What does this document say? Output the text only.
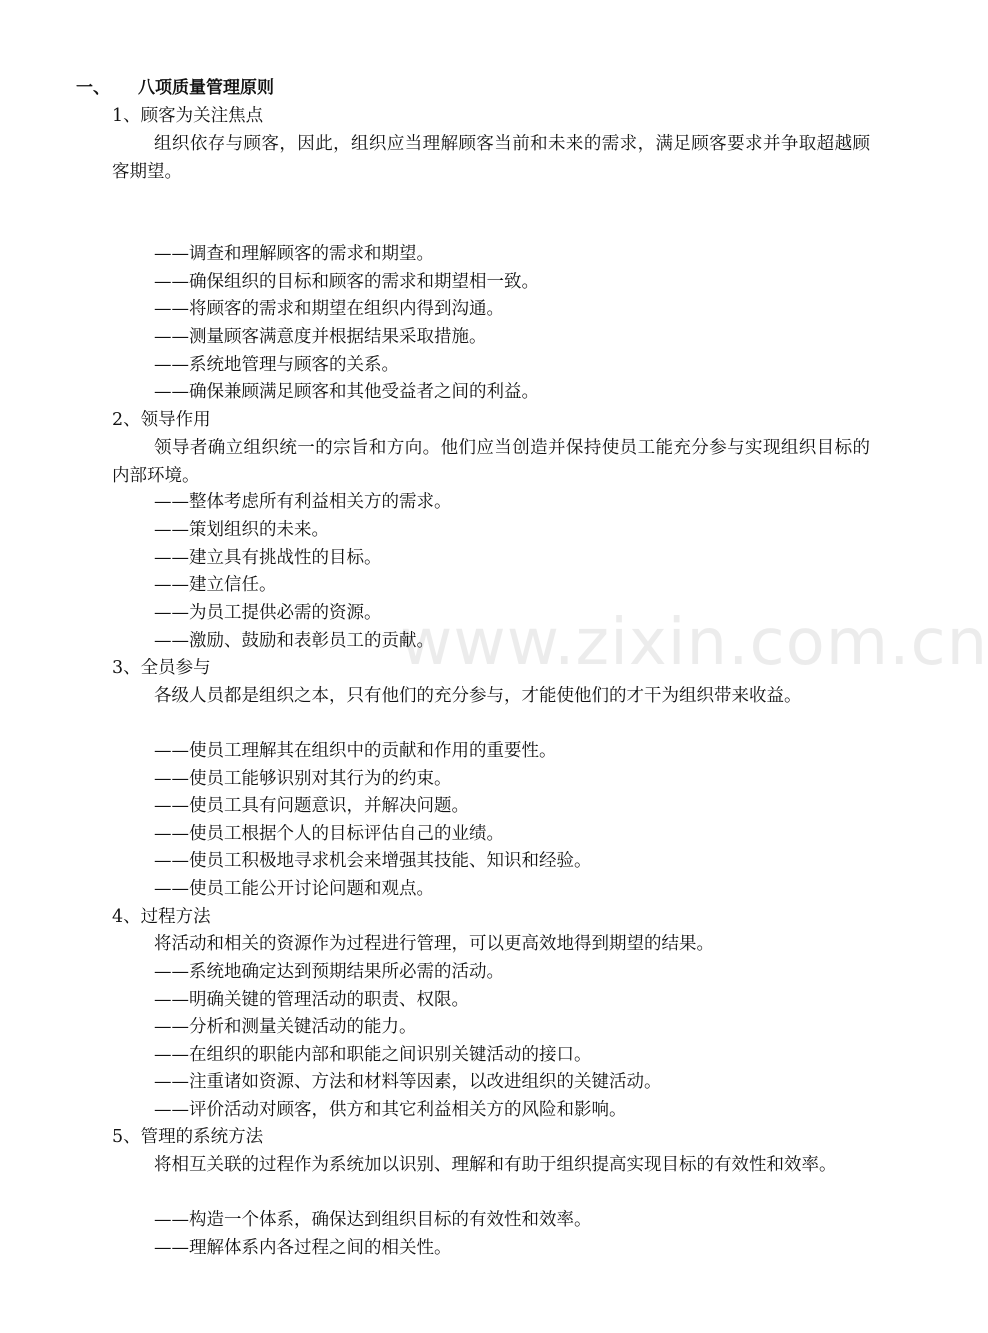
一、 八项质量管理原则
1、顾客为关注焦点
组织依存与顾客，因此，组织应当理解顾客当前和未来的需求，满足顾客要求并争取超越顾客期望。
——调查和理解顾客的需求和期望。
——确保组织的目标和顾客的需求和期望相一致。
——将顾客的需求和期望在组织内得到沟通。
——测量顾客满意度并根据结果采取措施。
——系统地管理与顾客的关系。
——确保兼顾满足顾客和其他受益者之间的利益。
2、领导作用
领导者确立组织统一的宗旨和方向。他们应当创造并保持使员工能充分参与实现组织目标的内部环境。
——整体考虑所有利益相关方的需求。
——策划组织的未来。
——建立具有挑战性的目标。
——建立信任。
——为员工提供必需的资源。
——激励、鼓励和表彰员工的贡献。
3、全员参与
各级人员都是组织之本，只有他们的充分参与，才能使他们的才干为组织带来收益。
——使员工理解其在组织中的贡献和作用的重要性。
——使员工能够识别对其行为的约束。
——使员工具有问题意识，并解决问题。
——使员工根据个人的目标评估自己的业绩。
——使员工积极地寻求机会来增强其技能、知识和经验。
——使员工能公开讨论问题和观点。
4、过程方法
将活动和相关的资源作为过程进行管理，可以更高效地得到期望的结果。
——系统地确定达到预期结果所必需的活动。
——明确关键的管理活动的职责、权限。
——分析和测量关键活动的能力。
——在组织的职能内部和职能之间识别关键活动的接口。
——注重诸如资源、方法和材料等因素，以改进组织的关键活动。
——评价活动对顾客，供方和其它利益相关方的风险和影响。
5、管理的系统方法
将相互关联的过程作为系统加以识别、理解和有助于组织提高实现目标的有效性和效率。
——构造一个体系，确保达到组织目标的有效性和效率。
——理解体系内各过程之间的相关性。
www.zixin.com.cn
